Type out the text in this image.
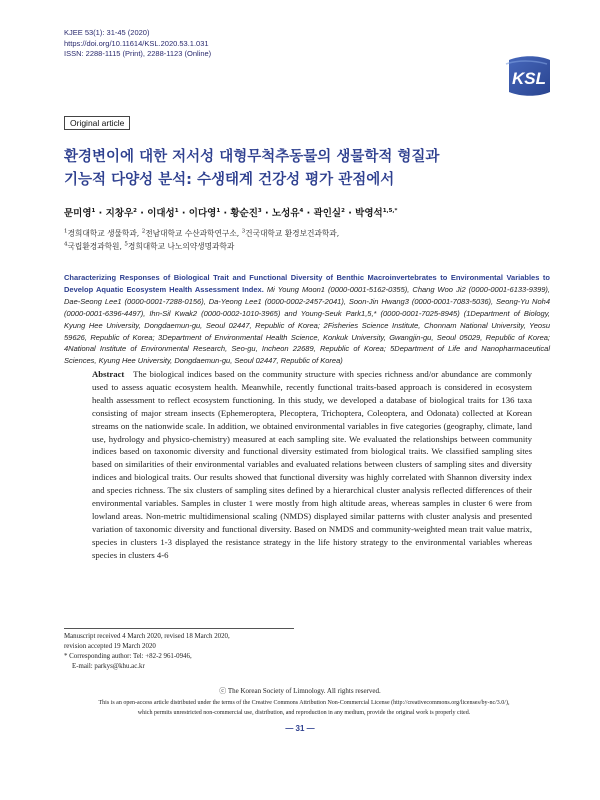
KJEE 53(1): 31-45 (2020)
https://doi.org/10.11614/KSL.2020.53.1.031
ISSN: 2288-1115 (Print), 2288-1123 (Online)
KSL
Original article
환경변이에 대한 저서성 대형무척추동물의 생물학적 형질과
기능적 다양성 분석: 수생태계 건강성 평가 관점에서
문미영$^1$ · 지창우$^2$ · 이대성$^1$ · 이다영$^1$ · 황순진$^3$ · 노성유$^4$ · 곽인실$^2$ · 박영석$^{1,5,*}$
$^1$경희대학교 생물학과, $^2$전남대학교 수산과학연구소, $^3$건국대학교 환경보건과학과,
$^4$국립환경과학원, $^5$경희대학교 나노의약생명과학과
Characterizing Responses of Biological Trait and Functional Diversity of Benthic Macroinvertebrates to Environmental Variables to Develop Aquatic Ecosystem Health Assessment Index. Mi Young Moon1 (0000-0001-5162-0355), Chang Woo Ji2 (0000-0001-6133-9399), Dae-Seong Lee1 (0000-0001-7288-0156), Da-Yeong Lee1 (0000-0002-2457-2041), Soon-Jin Hwang3 (0000-0001-7083-5036), Seong-Yu Noh4 (0000-0001-6396-4497), Ihn-Sil Kwak2 (0000-0002-1010-3965) and Young-Seuk Park1,5,* (0000-0001-7025-8945) (1Department of Biology, Kyung Hee University, Dongdaemun-gu, Seoul 02447, Republic of Korea; 2Fisheries Science Institute, Chonnam National University, Yeosu 59626, Republic of Korea; 3Department of Environmental Health Science, Konkuk University, Gwangjin-gu, Seoul 05029, Republic of Korea; 4National Institute of Environmental Research, Seo-gu, Incheon 22689, Republic of Korea; 5Department of Life and Nanopharmaceutical Sciences, Kyung Hee University, Dongdaemun-gu, Seoul 02447, Republic of Korea)
Abstract The biological indices based on the community structure with species richness and/or abundance are commonly used to assess aquatic ecosystem health. Meanwhile, recently functional traits-based approach is considered in ecosystem health assessment to reflect ecosystem functioning. In this study, we developed a database of biological traits for 136 taxa consisting of major stream insects (Ephemeroptera, Plecoptera, Trichoptera, Coleoptera, and Odonata) collected at Korean streams on the nationwide scale. In addition, we obtained environmental variables in five categories (geography, climate, land use, hydrology and physico-chemistry) measured at each sampling site. We evaluated the relationships between community indices based on taxonomic diversity and functional diversity estimated from biological traits. We classified sampling sites based on similarities of their environmental variables and evaluated relations between clusters of sampling sites and diversity indices and biological traits. Our results showed that functional diversity was highly correlated with Shannon diversity index and species richness. The six clusters of sampling sites defined by a hierarchical cluster analysis reflected differences of their environmental variables. Samples in cluster 1 were mostly from high altitude areas, whereas samples in cluster 6 were from lowland areas. Non-metric multidimensional scaling (NMDS) displayed similar patterns with cluster analysis and presented variation of taxonomic diversity and functional diversity. Based on NMDS and community-weighted mean trait value matrix, species in clusters 1-3 displayed the resistance strategy in the life history strategy to the environmental variables whereas species in clusters 4-6
Manuscript received 4 March 2020, revised 18 March 2020,
revision accepted 19 March 2020
* Corresponding author: Tel: +82-2 961-0946,
E-mail: parkys@khu.ac.kr
ⓒ The Korean Society of Limnology. All rights reserved.
This is an open-access article distributed under the terms of the Creative Commons Attribution Non-Commercial License (http://creativecommons.org/licenses/by-nc/3.0/),
which permits unrestricted non-commercial use, distribution, and reproduction in any medium, provide the original work is properly cited.
— 31 —
